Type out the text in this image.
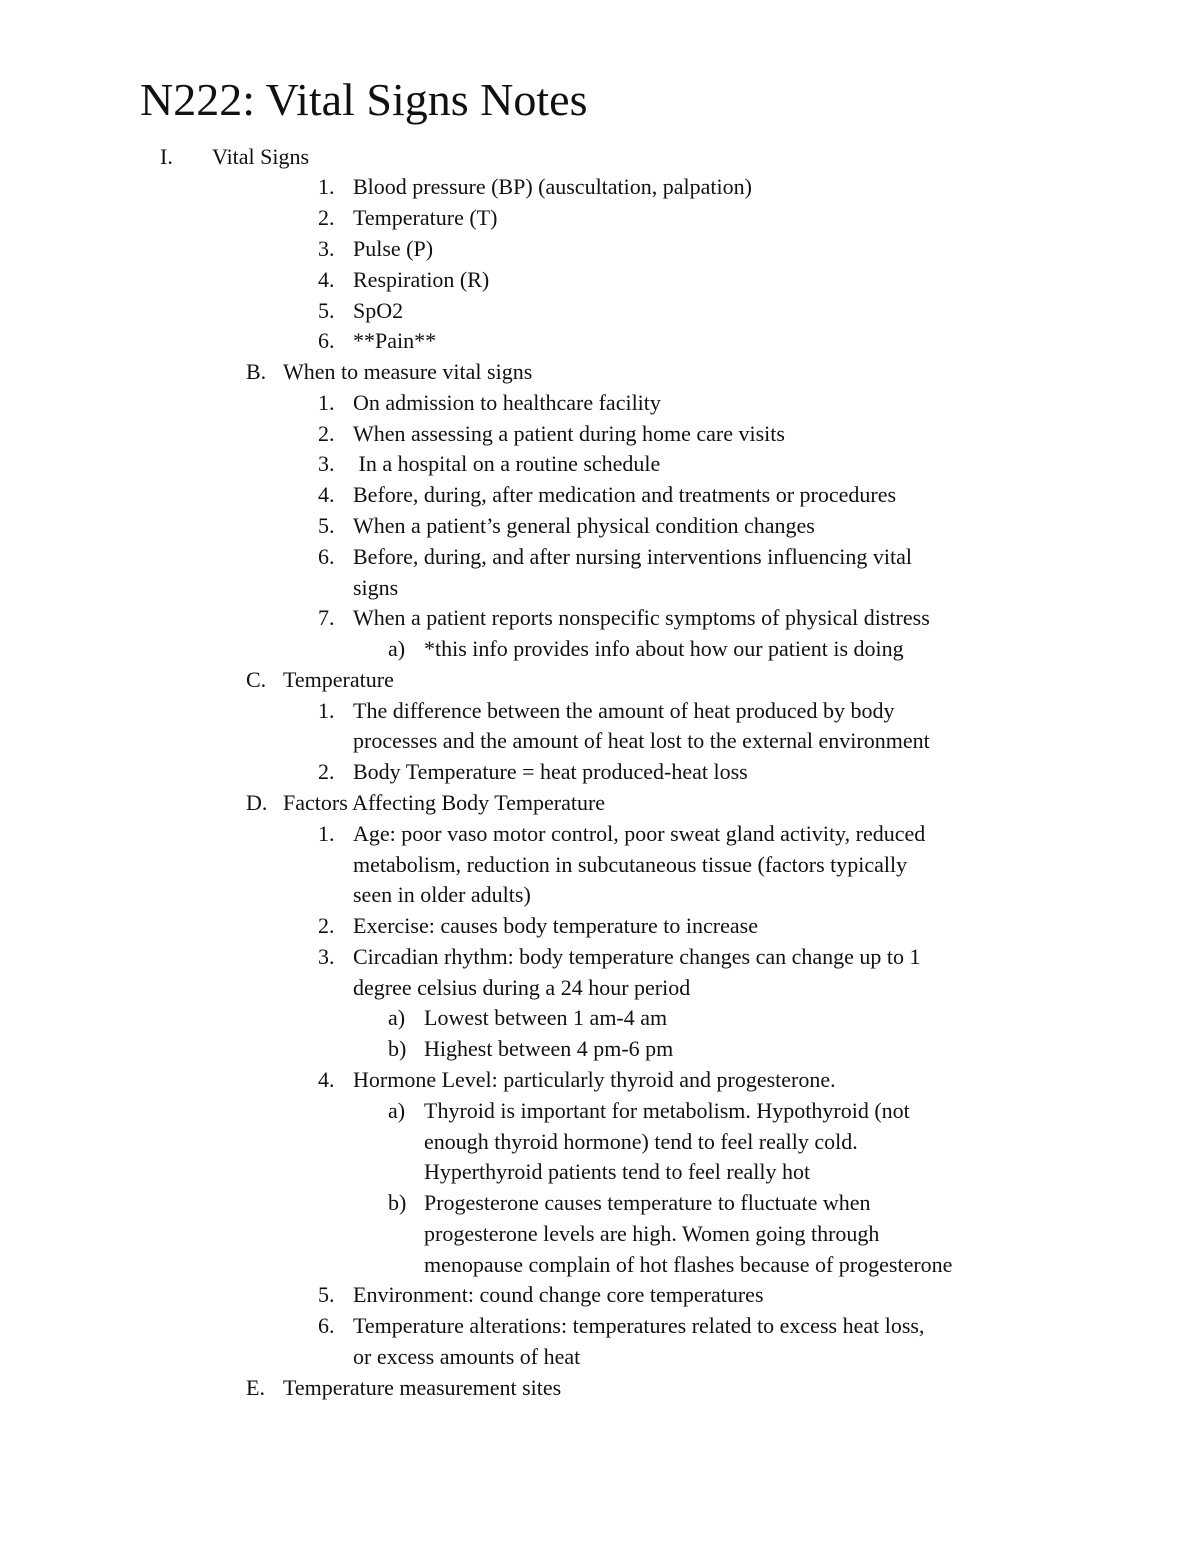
N222: Vital Signs Notes
I. Vital Signs
1. Blood pressure (BP) (auscultation, palpation)
2. Temperature (T)
3. Pulse (P)
4. Respiration (R)
5. SpO2
6. **Pain**
B. When to measure vital signs
1. On admission to healthcare facility
2. When assessing a patient during home care visits
3. In a hospital on a routine schedule
4. Before, during, after medication and treatments or procedures
5. When a patient’s general physical condition changes
6. Before, during, and after nursing interventions influencing vital
signs
7. When a patient reports nonspecific symptoms of physical distress
a) *this info provides info about how our patient is doing
C. Temperature
1. The difference between the amount of heat produced by body
processes and the amount of heat lost to the external environment
2. Body Temperature = heat produced-heat loss
D. Factors Affecting Body Temperature
1. Age: poor vaso motor control, poor sweat gland activity, reduced
metabolism, reduction in subcutaneous tissue (factors typically
seen in older adults)
2. Exercise: causes body temperature to increase
3. Circadian rhythm: body temperature changes can change up to 1
degree celsius during a 24 hour period
a) Lowest between 1 am-4 am
b) Highest between 4 pm-6 pm
4. Hormone Level: particularly thyroid and progesterone.
a) Thyroid is important for metabolism. Hypothyroid (not
enough thyroid hormone) tend to feel really cold.
Hyperthyroid patients tend to feel really hot
b) Progesterone causes temperature to fluctuate when
progesterone levels are high. Women going through
menopause complain of hot flashes because of progesterone
5. Environment: cound change core temperatures
6. Temperature alterations: temperatures related to excess heat loss,
or excess amounts of heat
E. Temperature measurement sites
